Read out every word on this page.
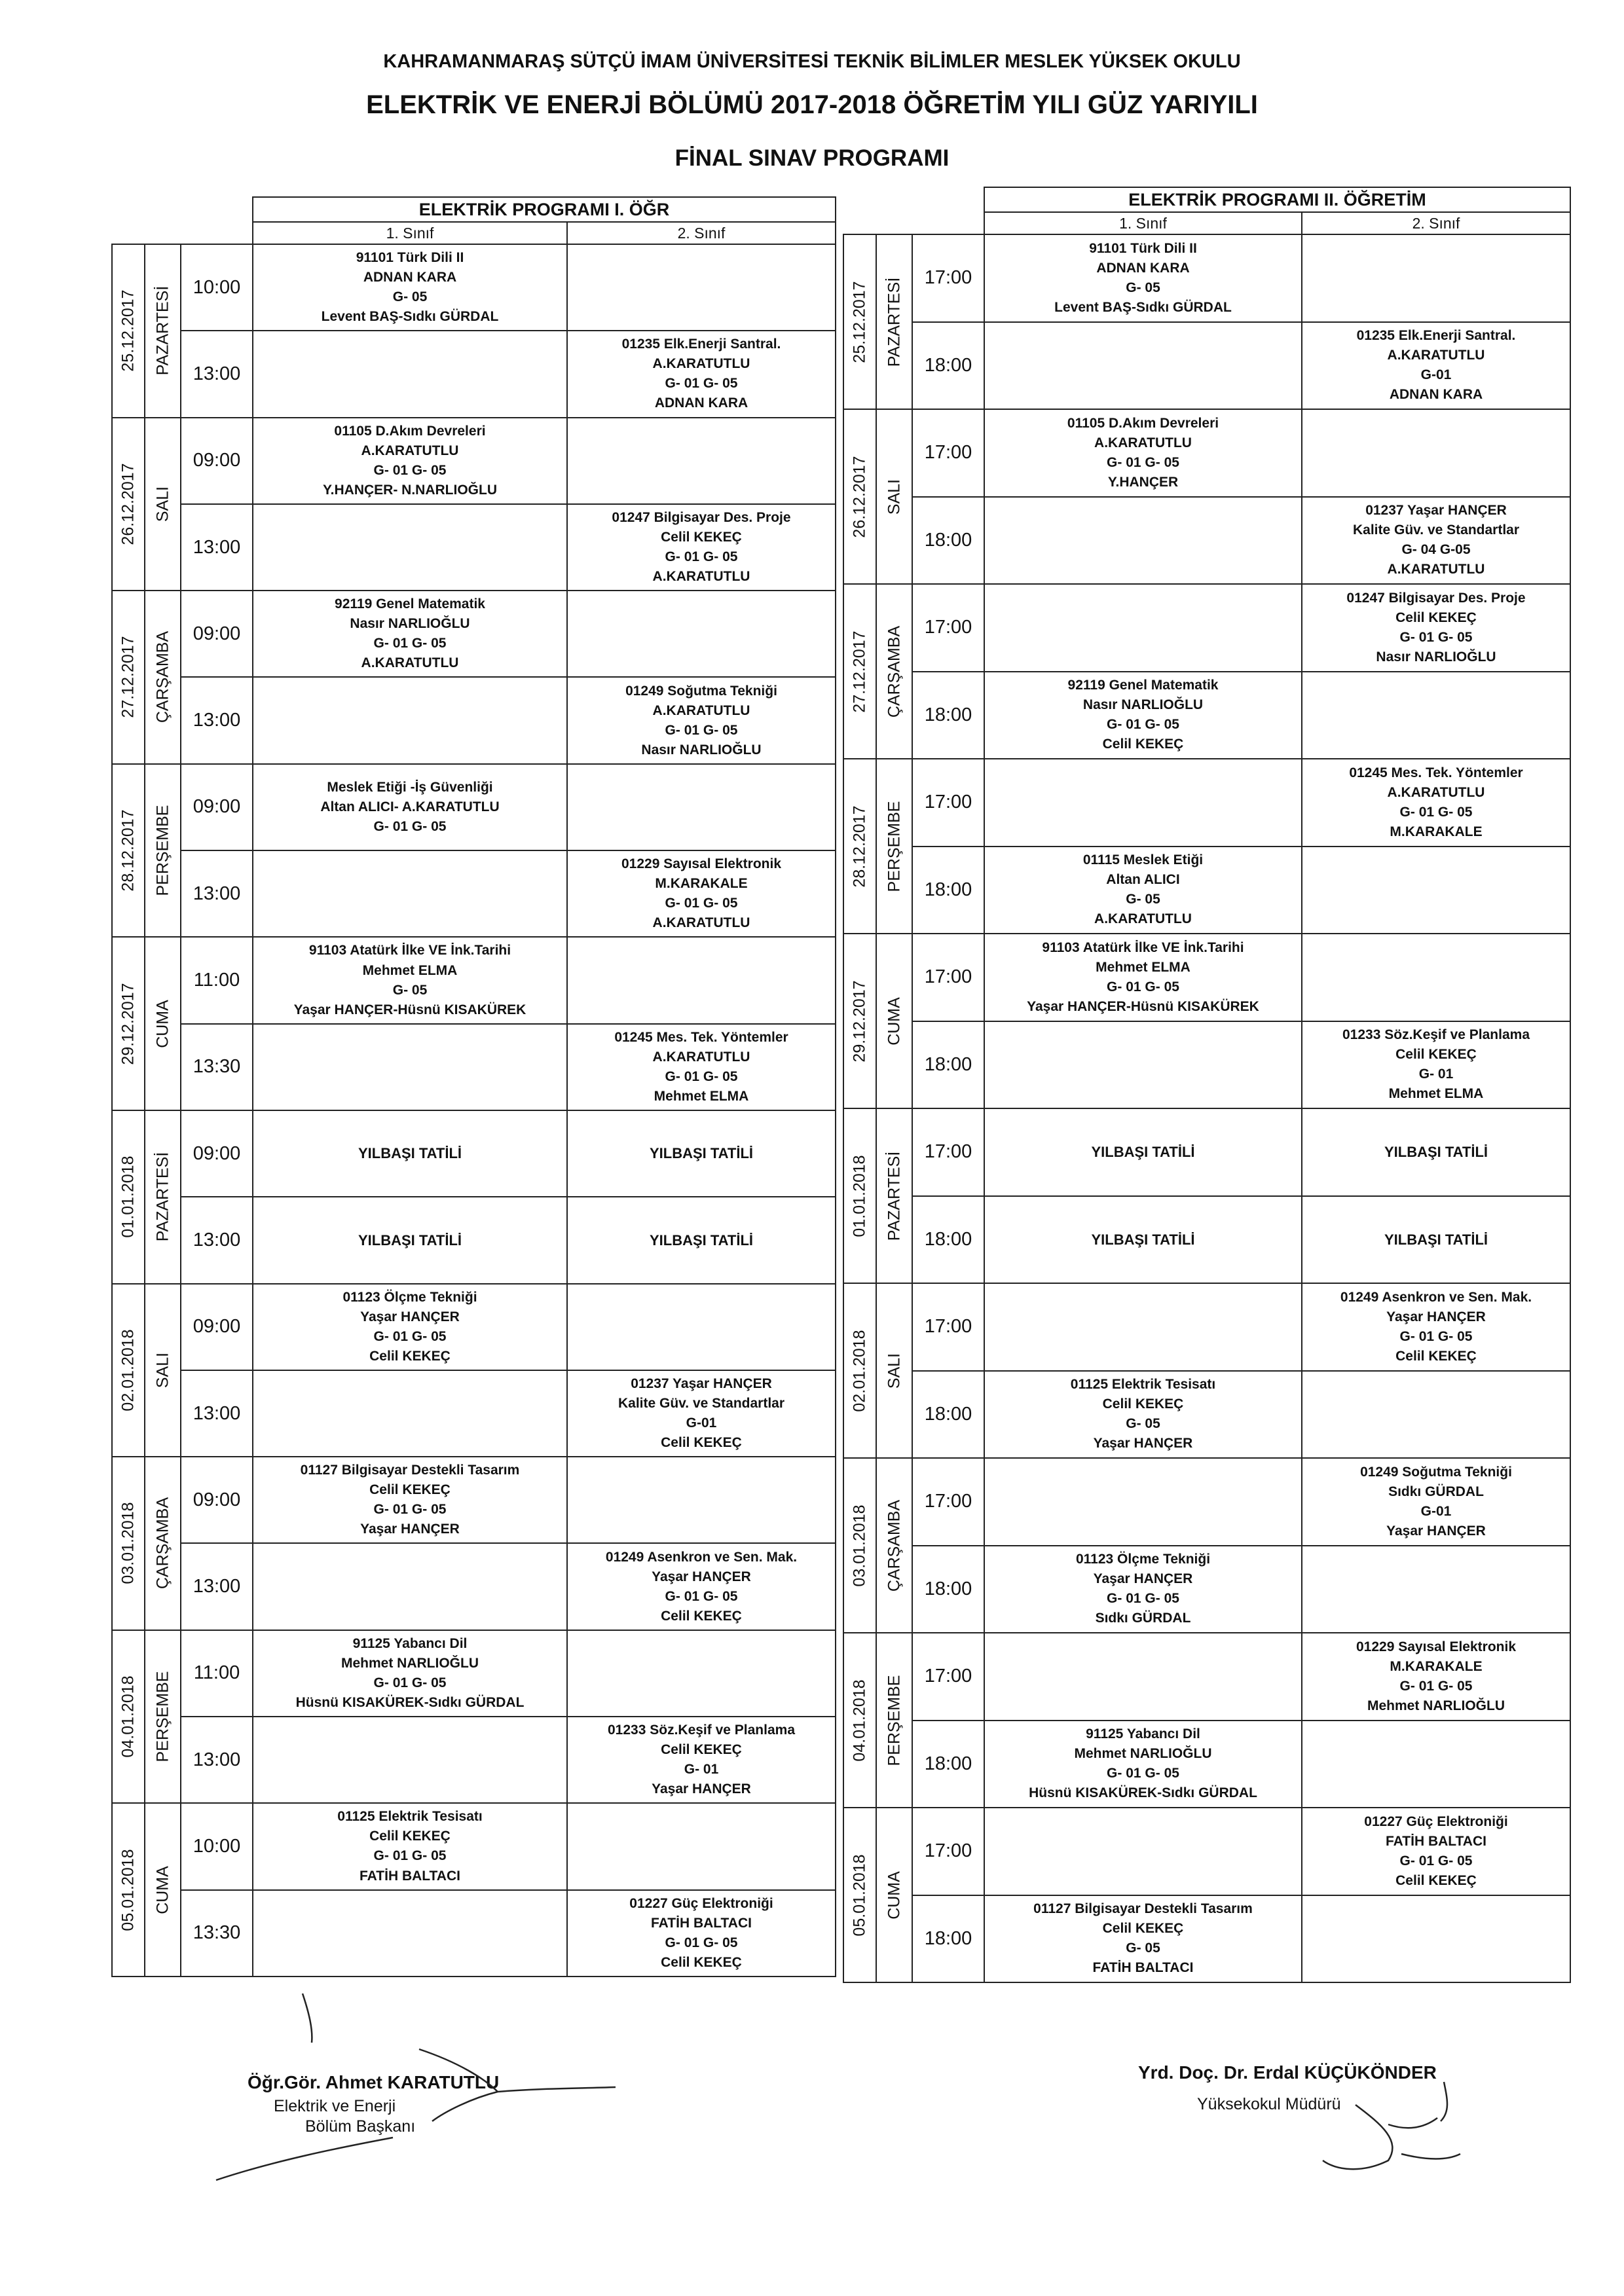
KAHRAMANMARAŞ SÜTÇÜ İMAM ÜNİVERSİTESİ TEKNİK BİLİMLER MESLEK YÜKSEK OKULU
ELEKTRİK VE ENERJİ BÖLÜMÜ 2017-2018 ÖĞRETİM YILI GÜZ YARIYILI
FİNAL SINAV PROGRAMI
			ELEKTRİK PROGRAMI I. ÖĞR	
			1. Sınıf	2. Sınıf

25.12.2017	PAZARTESİ	10:00	91101 Türk Dili II
ADNAN KARA
G- 05
Levent BAŞ-Sıdkı GÜRDAL	

		13:00		01235 Elk.Enerji Santral.
A.KARATUTLU
G- 01 G- 05
ADNAN KARA

26.12.2017	SALI	09:00	01105 D.Akım Devreleri
A.KARATUTLU
G- 01 G- 05
Y.HANÇER- N.NARLIOĞLU	

		13:00		01247 Bilgisayar Des. Proje
Celil KEKEÇ
G- 01 G- 05
A.KARATUTLU

27.12.2017	ÇARŞAMBA	09:00	92119 Genel Matematik
Nasır NARLIOĞLU
G- 01 G- 05
A.KARATUTLU	

		13:00		01249 Soğutma Tekniği
A.KARATUTLU
G- 01 G- 05
Nasır NARLIOĞLU

28.12.2017	PERŞEMBE	09:00	Meslek Etiği -İş Güvenliği
Altan ALICI- A.KARATUTLU
G- 01 G- 05	

		13:00		01229 Sayısal Elektronik
M.KARAKALE
G- 01 G- 05
A.KARATUTLU

29.12.2017	CUMA	11:00	91103 Atatürk İlke VE İnk.Tarihi
Mehmet ELMA
G- 05
Yaşar HANÇER-Hüsnü KISAKÜREK	

		13:30		01245 Mes. Tek. Yöntemler
A.KARATUTLU
G- 01 G- 05
Mehmet ELMA

01.01.2018	PAZARTESİ	09:00	YILBAŞI TATİLİ	YILBAŞI TATİLİ

		13:00	YILBAŞI TATİLİ	YILBAŞI TATİLİ

02.01.2018	SALI	09:00	01123 Ölçme Tekniği
Yaşar HANÇER
G- 01 G- 05
Celil KEKEÇ	

		13:00		01237 Yaşar HANÇER
Kalite Güv. ve Standartlar
G-01
Celil KEKEÇ

03.01.2018	ÇARŞAMBA	09:00	01127 Bilgisayar Destekli Tasarım
Celil KEKEÇ
G- 01 G- 05
Yaşar HANÇER	

		13:00		01249 Asenkron ve Sen. Mak.
Yaşar HANÇER
G- 01 G- 05
Celil KEKEÇ

04.01.2018	PERŞEMBE	11:00	91125 Yabancı Dil
Mehmet NARLIOĞLU
G- 01 G- 05
Hüsnü KISAKÜREK-Sıdkı GÜRDAL	

		13:00		01233 Söz.Keşif ve Planlama
Celil KEKEÇ
G- 01
Yaşar HANÇER

05.01.2018	CUMA	10:00	01125 Elektrik Tesisatı
Celil KEKEÇ
G- 01 G- 05
FATİH BALTACI	

		13:30		01227 Güç Elektroniği
FATİH BALTACI
G- 01 G- 05
Celil KEKEÇ
			ELEKTRİK PROGRAMI II. ÖĞRETİM	
			1. Sınıf	2. Sınıf

25.12.2017	PAZARTESİ	17:00	91101 Türk Dili II
ADNAN KARA
G- 05
Levent BAŞ-Sıdkı GÜRDAL	

		18:00		01235 Elk.Enerji Santral.
A.KARATUTLU
G-01
ADNAN KARA

26.12.2017	SALI	17:00	01105 D.Akım Devreleri
A.KARATUTLU
G- 01 G- 05
Y.HANÇER	

		18:00		01237 Yaşar HANÇER
Kalite Güv. ve Standartlar
G- 04 G-05
A.KARATUTLU

27.12.2017	ÇARŞAMBA	17:00		01247 Bilgisayar Des. Proje
Celil KEKEÇ
G- 01 G- 05
Nasır NARLIOĞLU

		18:00	92119 Genel Matematik
Nasır NARLIOĞLU
G- 01 G- 05
Celil KEKEÇ	

28.12.2017	PERŞEMBE	17:00		01245 Mes. Tek. Yöntemler
A.KARATUTLU
G- 01 G- 05
M.KARAKALE

		18:00	01115 Meslek Etiği
Altan ALICI
G- 05
A.KARATUTLU	

29.12.2017	CUMA	17:00	91103 Atatürk İlke VE İnk.Tarihi
Mehmet ELMA
G- 01 G- 05
Yaşar HANÇER-Hüsnü KISAKÜREK	

		18:00		01233 Söz.Keşif ve Planlama
Celil KEKEÇ
G- 01
Mehmet ELMA

01.01.2018	PAZARTESİ	17:00	YILBAŞI TATİLİ	YILBAŞI TATİLİ

		18:00	YILBAŞI TATİLİ	YILBAŞI TATİLİ

02.01.2018	SALI	17:00		01249 Asenkron ve Sen. Mak.
Yaşar HANÇER
G- 01 G- 05
Celil KEKEÇ

		18:00	01125 Elektrik Tesisatı
Celil KEKEÇ
G- 05
Yaşar HANÇER	

03.01.2018	ÇARŞAMBA	17:00		01249 Soğutma Tekniği
Sıdkı GÜRDAL
G-01
Yaşar HANÇER

		18:00	01123 Ölçme Tekniği
Yaşar HANÇER
G- 01 G- 05
Sıdkı GÜRDAL	

04.01.2018	PERŞEMBE	17:00		01229 Sayısal Elektronik
M.KARAKALE
G- 01 G- 05
Mehmet NARLIOĞLU

		18:00	91125 Yabancı Dil
Mehmet NARLIOĞLU
G- 01 G- 05
Hüsnü KISAKÜREK-Sıdkı GÜRDAL	

05.01.2018	CUMA	17:00		01227 Güç Elektroniği
FATİH BALTACI
G- 01 G- 05
Celil KEKEÇ

		18:00	01127 Bilgisayar Destekli Tasarım
Celil KEKEÇ
G- 05
FATİH BALTACI	

Öğr.Gör. Ahmet KARATUTLU
Elektrik ve Enerji
Bölüm Başkanı
Yrd. Doç. Dr. Erdal KÜÇÜKÖNDER
Yüksekokul Müdürü
